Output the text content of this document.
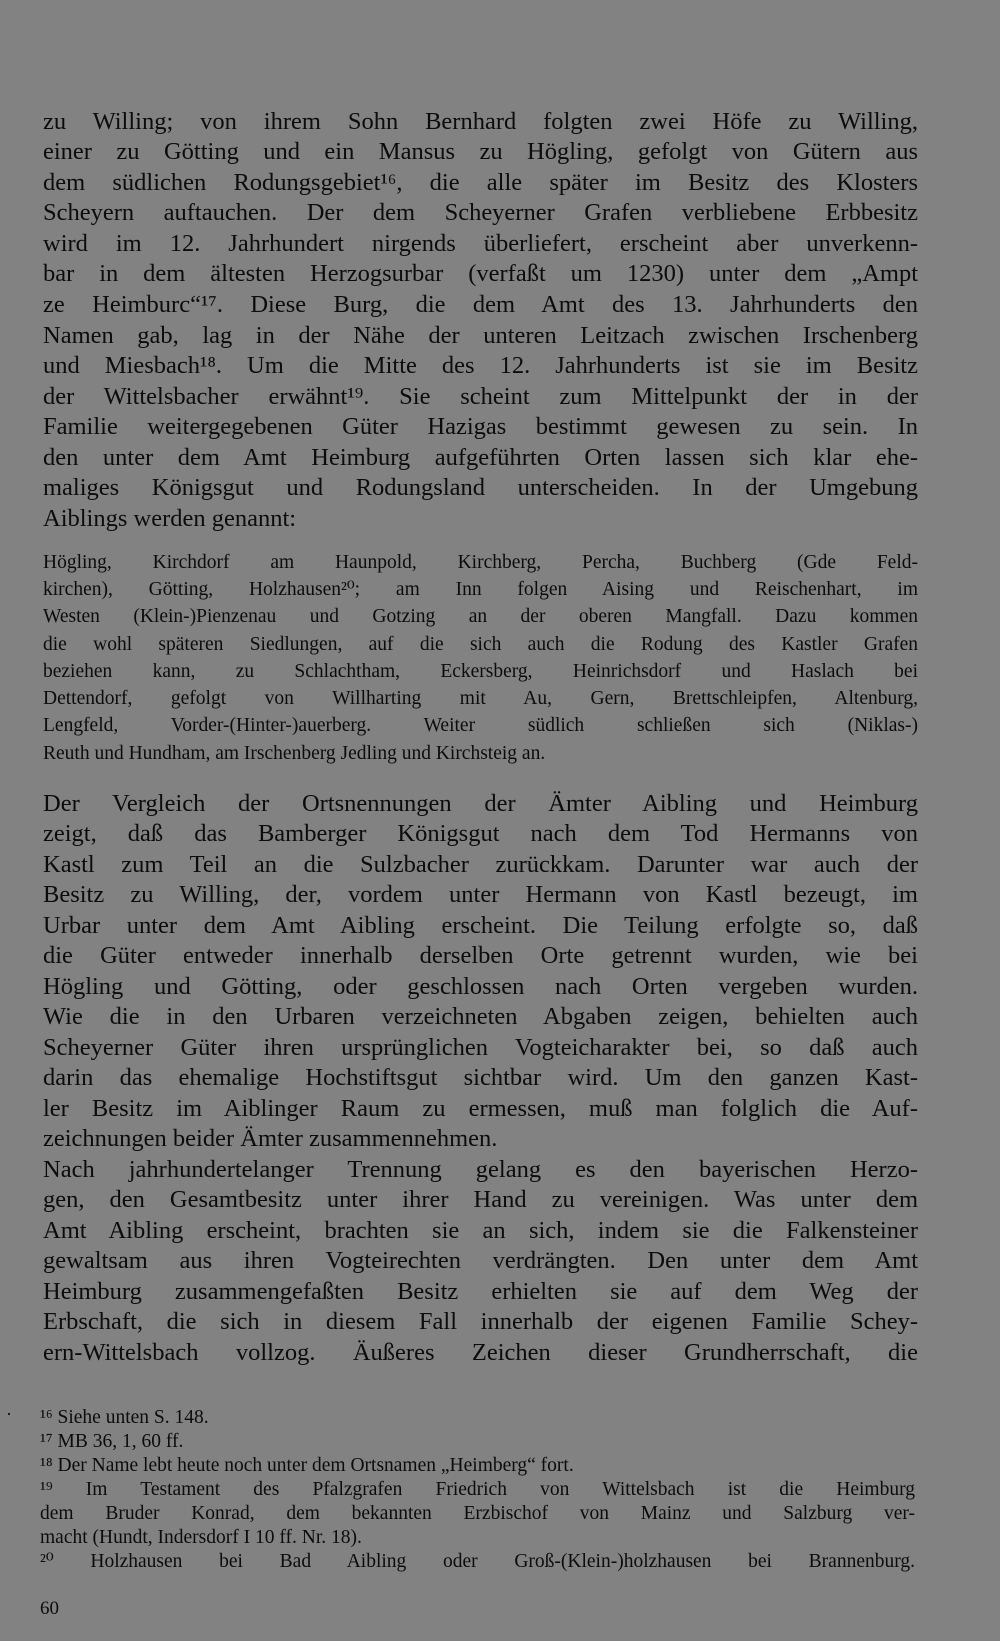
zu Willing; von ihrem Sohn Bernhard folgten zwei Höfe zu Willing,
einer zu Götting und ein Mansus zu Högling, gefolgt von Gütern aus
dem südlichen Rodungsgebiet¹⁶, die alle später im Besitz des Klosters
Scheyern auftauchen. Der dem Scheyerner Grafen verbliebene Erbbesitz
wird im 12. Jahrhundert nirgends überliefert, erscheint aber unverkenn-
bar in dem ältesten Herzogsurbar (verfaßt um 1230) unter dem „Ampt
ze Heimburc“¹⁷. Diese Burg, die dem Amt des 13. Jahrhunderts den
Namen gab, lag in der Nähe der unteren Leitzach zwischen Irschenberg
und Miesbach¹⁸. Um die Mitte des 12. Jahrhunderts ist sie im Besitz
der Wittelsbacher erwähnt¹⁹. Sie scheint zum Mittelpunkt der in der
Familie weitergegebenen Güter Hazigas bestimmt gewesen zu sein. In
den unter dem Amt Heimburg aufgeführten Orten lassen sich klar ehe-
maliges Königsgut und Rodungsland unterscheiden. In der Umgebung
Aiblings werden genannt:
Högling, Kirchdorf am Haunpold, Kirchberg, Percha, Buchberg (Gde Feld-
kirchen), Götting, Holzhausen²⁰; am Inn folgen Aising und Reischenhart, im
Westen (Klein-)Pienzenau und Gotzing an der oberen Mangfall. Dazu kommen
die wohl späteren Siedlungen, auf die sich auch die Rodung des Kastler Grafen
beziehen kann, zu Schlachtham, Eckersberg, Heinrichsdorf und Haslach bei
Dettendorf, gefolgt von Willharting mit Au, Gern, Brettschleipfen, Altenburg,
Lengfeld, Vorder-(Hinter-)auerberg. Weiter südlich schließen sich (Niklas-)
Reuth und Hundham, am Irschenberg Jedling und Kirchsteig an.
Der Vergleich der Ortsnennungen der Ämter Aibling und Heimburg
zeigt, daß das Bamberger Königsgut nach dem Tod Hermanns von
Kastl zum Teil an die Sulzbacher zurückkam. Darunter war auch der
Besitz zu Willing, der, vordem unter Hermann von Kastl bezeugt, im
Urbar unter dem Amt Aibling erscheint. Die Teilung erfolgte so, daß
die Güter entweder innerhalb derselben Orte getrennt wurden, wie bei
Högling und Götting, oder geschlossen nach Orten vergeben wurden.
Wie die in den Urbaren verzeichneten Abgaben zeigen, behielten auch
Scheyerner Güter ihren ursprünglichen Vogteicharakter bei, so daß auch
darin das ehemalige Hochstiftsgut sichtbar wird. Um den ganzen Kast-
ler Besitz im Aiblinger Raum zu ermessen, muß man folglich die Auf-
zeichnungen beider Ämter zusammennehmen.
Nach jahrhundertelanger Trennung gelang es den bayerischen Herzo-
gen, den Gesamtbesitz unter ihrer Hand zu vereinigen. Was unter dem
Amt Aibling erscheint, brachten sie an sich, indem sie die Falkensteiner
gewaltsam aus ihren Vogteirechten verdrängten. Den unter dem Amt
Heimburg zusammengefaßten Besitz erhielten sie auf dem Weg der
Erbschaft, die sich in diesem Fall innerhalb der eigenen Familie Schey-
ern-Wittelsbach vollzog. Äußeres Zeichen dieser Grundherrschaft, die
· ¹⁶ Siehe unten S. 148.
¹⁷ MB 36, 1, 60 ff.
¹⁸ Der Name lebt heute noch unter dem Ortsnamen „Heimberg“ fort.
¹⁹ Im Testament des Pfalzgrafen Friedrich von Wittelsbach ist die Heimburg
dem Bruder Konrad, dem bekannten Erzbischof von Mainz und Salzburg ver-
macht (Hundt, Indersdorf I 10 ff. Nr. 18).
²⁰ Holzhausen bei Bad Aibling oder Groß-(Klein-)holzhausen bei Brannenburg.
60
